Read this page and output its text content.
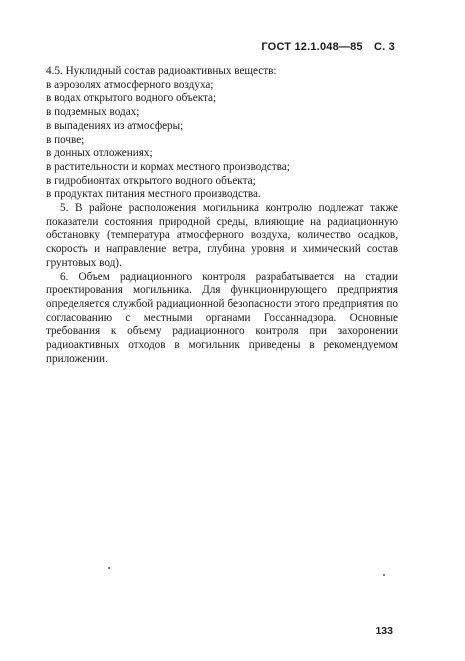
ГОСТ 12.1.048—85 С. 3
4.5. Нуклидный состав радиоактивных веществ:
в аэрозолях атмосферного воздуха;
в водах открытого водного объекта;
в подземных водах;
в выпадениях из атмосферы;
в почве;
в донных отложениях;
в растительности и кормах местного производства;
в гидробионтах открытого водного объекта;
в продуктах питания местного производства.

5. В районе расположения могильника контролю подлежат также показатели состояния природной среды, влияющие на радиационную обстановку (температура атмосферного воздуха, количество осадков, скорость и направление ветра, глубина уровня и химический состав грунтовых вод).

6. Объем радиационного контроля разрабатывается на стадии проектирования могильника. Для функционирующего предприятия определяется службой радиационной безопасности этого предприятия по согласованию с местными органами Госсаннадзора. Основные требования к объему радиационного контроля при захоронении радиоактивных отходов в могильник приведены в рекомендуемом приложении.

133
